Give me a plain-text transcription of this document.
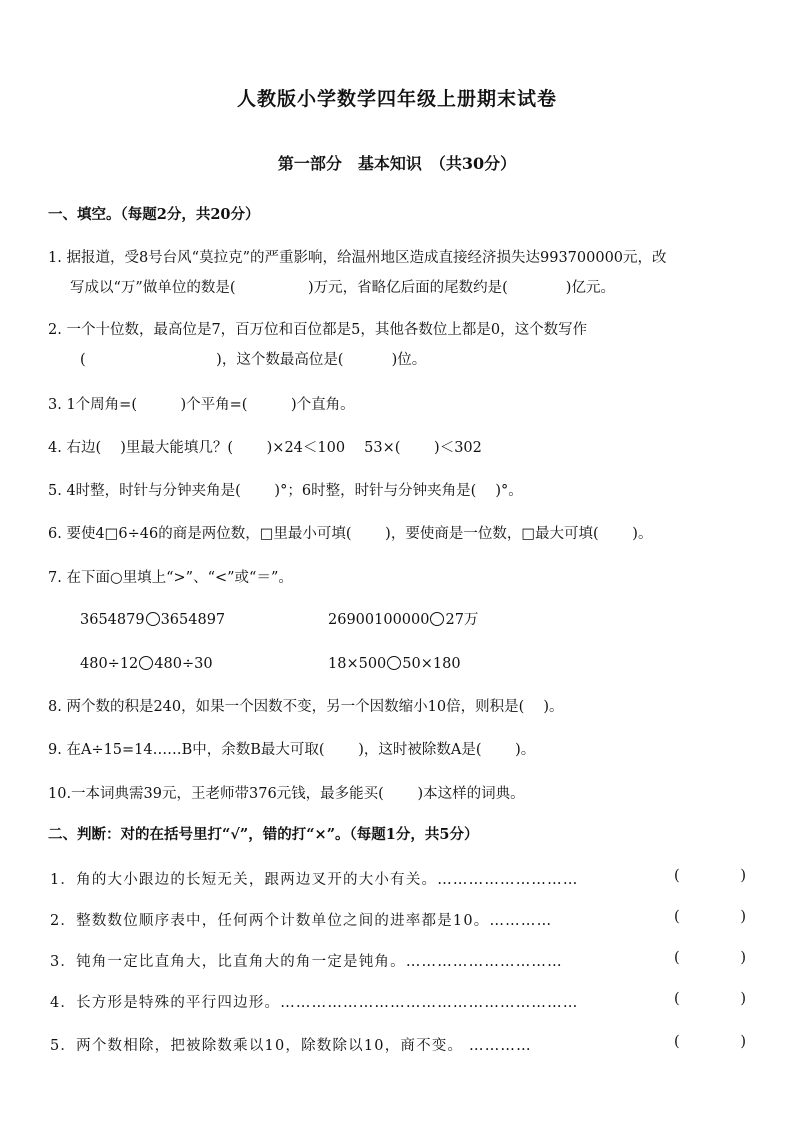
人教版小学数学四年级上册期末试卷
第一部分　基本知识　（共30分）
一、填空。（每题2分，共20分）
1. 据报道，受8号台风“莫拉克”的严重影响，给温州地区造成直接经济损失达993700000元，改
写成以“万”做单位的数是(　　　　　)万元，省略亿后面的尾数约是(　　　　)亿元。
2. 一个十位数，最高位是7，百万位和百位都是5，其他各数位上都是0，这个数写作
(　　　　　　　　　)，这个数最高位是(　　　 )位。
3. 1个周角=(　　　)个平角=(　　　)个直角。
4. 右边(　 )里最大能填几？(　　 )×24＜100　 53×(　　 )＜302
5. 4时整，时针与分钟夹角是(　　 )°；6时整，时针与分钟夹角是(　 )°。
6. 要使4□6÷46的商是两位数，□里最小可填(　　 )，要使商是一位数，□最大可填(　　 )。
7. 在下面○里填上“>”、“<”或“＝”。
3654879 3654897	26900100000 27万
480÷12 480÷30	18×500 50×180
8. 两个数的积是240，如果一个因数不变，另一个因数缩小10倍，则积是(　 )。
9. 在A÷15=14……B中，余数B最大可取(　　 )，这时被除数A是(　　 )。
10.一本词典需39元，王老师带376元钱，最多能买(　　 )本这样的词典。
二、判断：对的在括号里打“√”，错的打“×”。（每题1分，共5分）
1．角的大小跟边的长短无关，跟两边叉开的大小有关。………………………	(	)
2．整数数位顺序表中，任何两个计数单位之间的进率都是10。…………	(	)
3．钝角一定比直角大，比直角大的角一定是钝角。…………………………	(	)
4．长方形是特殊的平行四边形。…………………………………………………	(	)
5．两个数相除，把被除数乘以10，除数除以10，商不变。 …………	(	)
